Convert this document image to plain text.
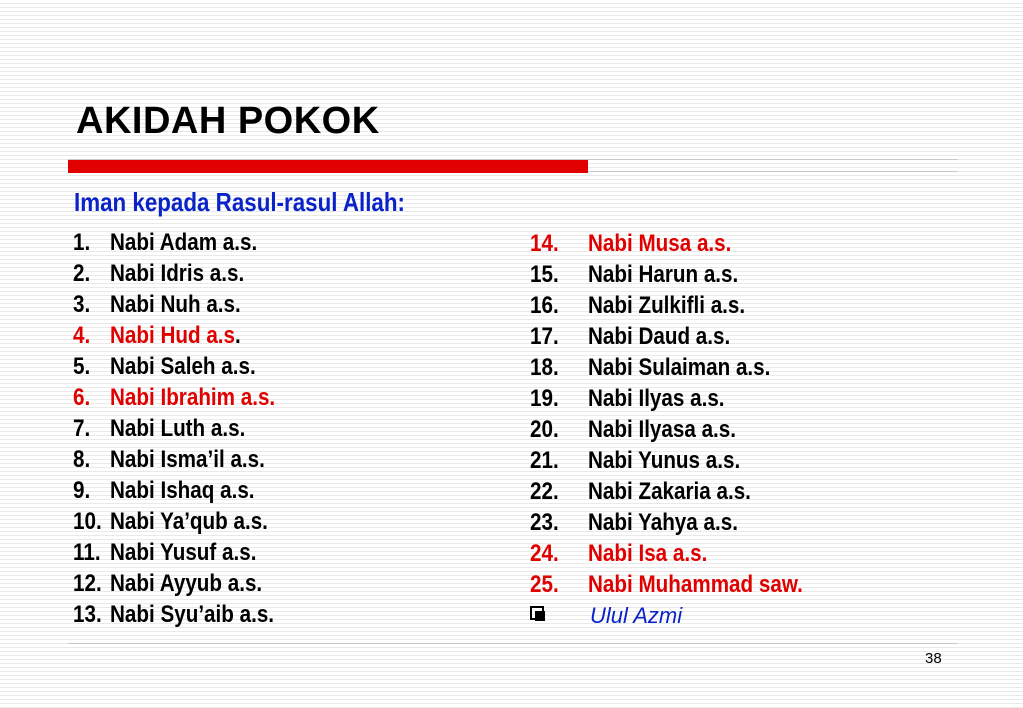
AKIDAH POKOK
Iman kepada Rasul-rasul Allah:
1. Nabi Adam a.s.
2. Nabi Idris a.s.
3. Nabi Nuh a.s.
4. Nabi Hud a.s.
5. Nabi Saleh a.s.
6. Nabi Ibrahim a.s.
7. Nabi Luth a.s.
8. Nabi Isma’il a.s.
9. Nabi Ishaq a.s.
10. Nabi Ya’qub a.s.
11. Nabi Yusuf a.s.
12. Nabi Ayyub a.s.
13. Nabi Syu’aib a.s.
14. Nabi Musa a.s.
15. Nabi Harun a.s.
16. Nabi Zulkifli a.s.
17. Nabi Daud a.s.
18. Nabi Sulaiman a.s.
19. Nabi Ilyas a.s.
20. Nabi Ilyasa a.s.
21. Nabi Yunus a.s.
22. Nabi Zakaria a.s.
23. Nabi Yahya a.s.
24. Nabi Isa a.s.
25. Nabi Muhammad saw.
Ulul Azmi
38
